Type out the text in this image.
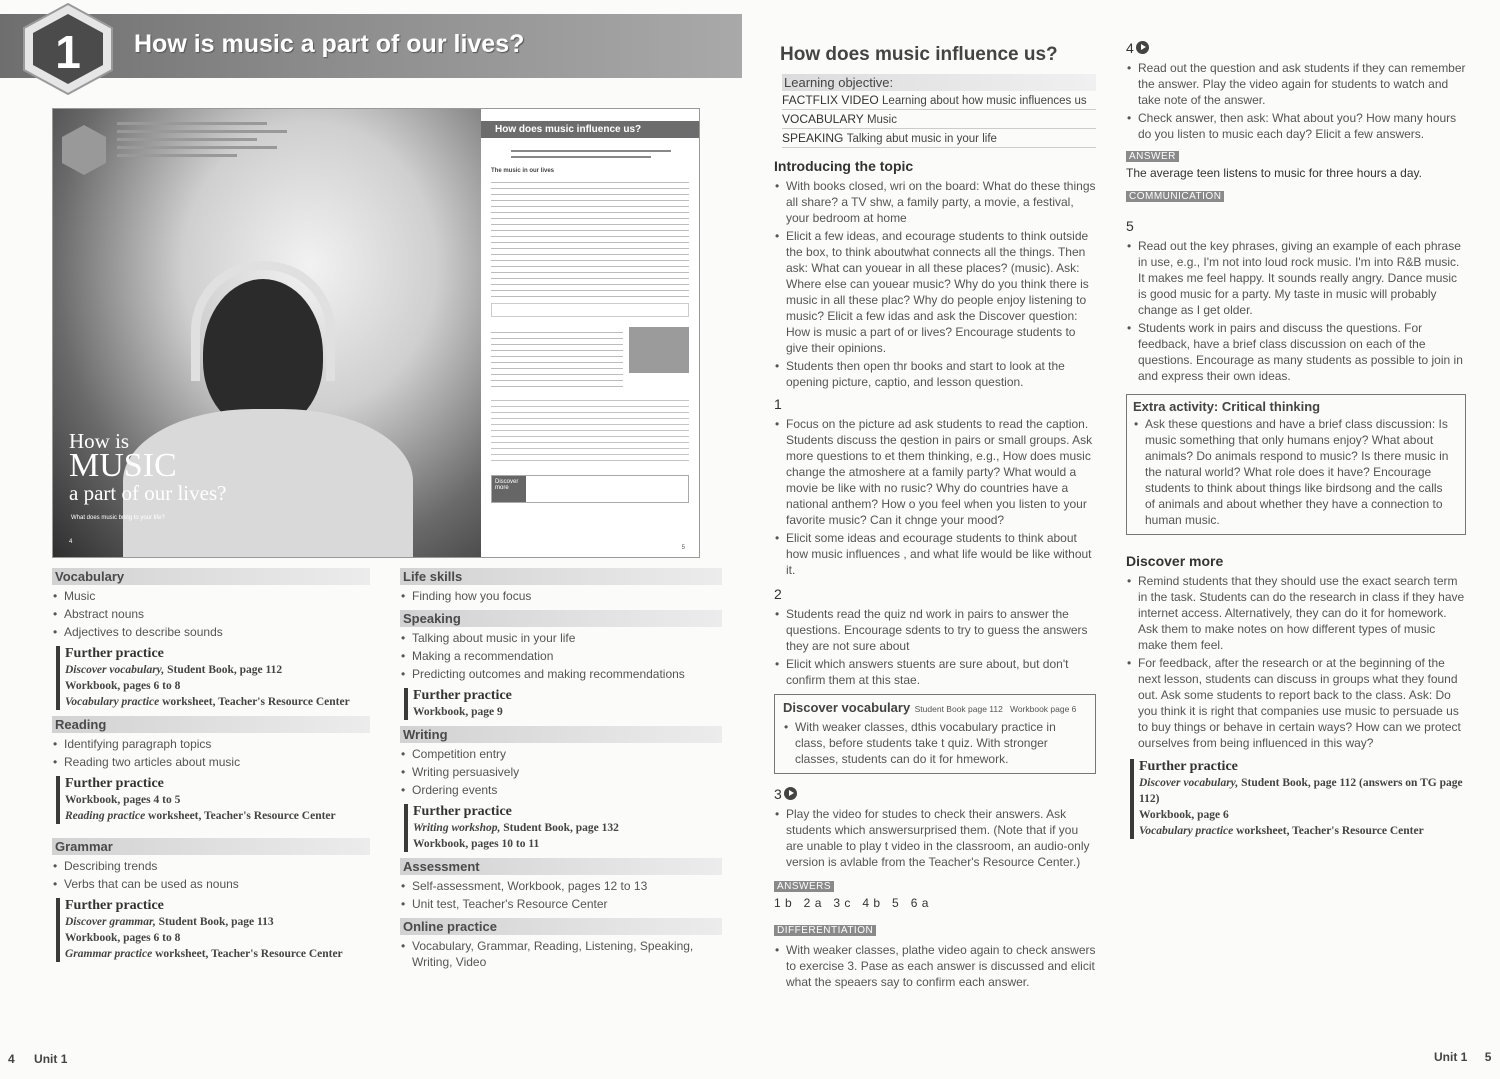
1 How is music a part of our lives?
How is
MUSIC
a part of our lives?
What does music bring to your life?
4
How does music influence us?
The music in our lives
Discover more
5
Vocabulary
• Music
• Abstract nouns
• Adjectives to describe sounds
Further practice
Discover vocabulary, Student Book, page 112
Workbook, pages 6 to 8
Vocabulary practice worksheet, Teacher's Resource Center
Reading
• Identifying paragraph topics
• Reading two articles about music
Further practice
Workbook, pages 4 to 5
Reading practice worksheet, Teacher's Resource Center
Grammar
• Describing trends
• Verbs that can be used as nouns
Further practice
Discover grammar, Student Book, page 113
Workbook, pages 6 to 8
Grammar practice worksheet, Teacher's Resource Center
Life skills
• Finding how you focus
Speaking
• Talking about music in your life
• Making a recommendation
• Predicting outcomes and making recommendations
Further practice
Workbook, page 9
Writing
• Competition entry
• Writing persuasively
• Ordering events
Further practice
Writing workshop, Student Book, page 132
Workbook, pages 10 to 11
Assessment
• Self-assessment, Workbook, pages 12 to 13
• Unit test, Teacher's Resource Center
Online practice
• Vocabulary, Grammar, Reading, Listening, Speaking, Writing, Video
How does music influence us?
Learning objective:
FACTFLIX VIDEO Learning about how music influences us
VOCABULARY Music
SPEAKING Talking abut music in your life
Introducing the topic
• With books closed, wri on the board: What do these things all share? a TV shw, a family party, a movie, a festival, your bedroom at home
• Elicit a few ideas, and ecourage students to think outside the box, to think aboutwhat connects all the things. Then ask: What can youear in all these places? (music). Ask: Where else can youear music? Why do you think there is music in all these plac? Why do people enjoy listening to music? Elicit a few idas and ask the Discover question: How is music a part of or lives? Encourage students to give their opinions.
• Students then open thr books and start to look at the opening picture, captio, and lesson question.
1
• Focus on the picture ad ask students to read the caption. Students discuss the qestion in pairs or small groups. Ask more questions to et them thinking, e.g., How does music change the atmoshere at a family party? What would a movie be like with no rusic? Why do countries have a national anthem? How o you feel when you listen to your favorite music? Can it chnge your mood?
• Elicit some ideas and ecourage students to think about how music influences , and what life would be like without it.
2
• Students read the quiz nd work in pairs to answer the questions. Encourage sdents to try to guess the answers they are not sure about
• Elicit which answers stuents are sure about, but don't confirm them at this stae.
Discover vocabulary Student Book page 112   Workbook page 6
• With weaker classes, dthis vocabulary practice in class, before students take t quiz. With stronger classes, students can do it for hmework.
3
• Play the video for studes to check their answers. Ask students which answersurprised them. (Note that if you are unable to play t video in the classroom, an audio-only version is avlable from the Teacher's Resource Center.)
ANSWERS
1 b   2 a   3 c   4 b   5   6 a
DIFFERENTIATION
• With weaker classes, plathe video again to check answers to exercise 3. Pase as each answer is discussed and elicit what the speaers say to confirm each answer.
4
• Read out the question and ask students if they can remember the answer. Play the video again for students to watch and take note of the answer.
• Check answer, then ask: What about you? How many hours do you listen to music each day? Elicit a few answers.
ANSWER
The average teen listens to music for three hours a day.
COMMUNICATION
5
• Read out the key phrases, giving an example of each phrase in use, e.g., I'm not into loud rock music. I'm into R&B music. It makes me feel happy. It sounds really angry. Dance music is good music for a party. My taste in music will probably change as I get older.
• Students work in pairs and discuss the questions. For feedback, have a brief class discussion on each of the questions. Encourage as many students as possible to join in and express their own ideas.
Extra activity: Critical thinking
• Ask these questions and have a brief class discussion: Is music something that only humans enjoy? What about animals? Do animals respond to music? Is there music in the natural world? What role does it have? Encourage students to think about things like birdsong and the calls of animals and about whether they have a connection to human music.
Discover more
• Remind students that they should use the exact search term in the task. Students can do the research in class if they have internet access. Alternatively, they can do it for homework. Ask them to make notes on how different types of music make them feel.
• For feedback, after the research or at the beginning of the next lesson, students can discuss in groups what they found out. Ask some students to report back to the class. Ask: Do you think it is right that companies use music to persuade us to buy things or behave in certain ways? How can we protect ourselves from being influenced in this way?
Further practice
Discover vocabulary, Student Book, page 112 (answers on TG page 112)
Workbook, page 6
Vocabulary practice worksheet, Teacher's Resource Center
4 Unit 1	Unit 1 5
